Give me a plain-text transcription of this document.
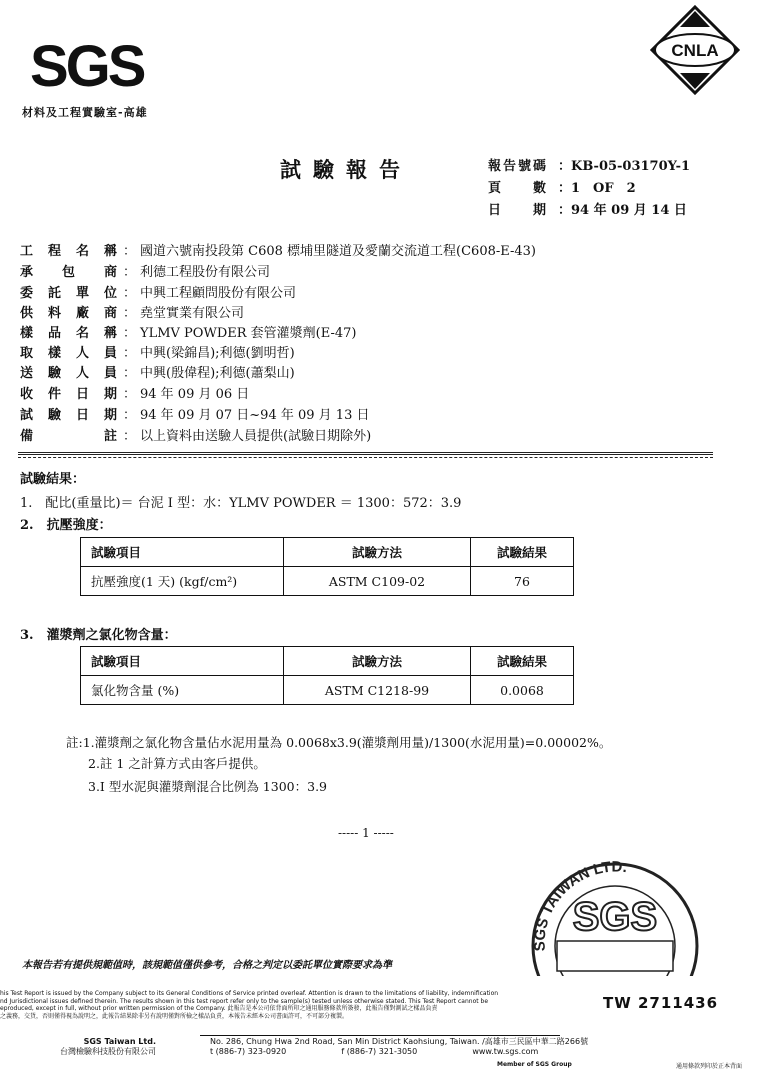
SGS
材料及工程實驗室-高雄
CNLA
試驗報告	報告號碼 ：KB-05-03170Y-1
頁　　數 ：1　OF　2
日　　期 ：94 年 09 月 14 日
工程名稱 ： 國道六號南投段第 C608 標埔里隧道及愛蘭交流道工程(C608-E-43)
承包商 ： 利德工程股份有限公司
委託單位 ： 中興工程顧問股份有限公司
供料廠商 ： 堯堂實業有限公司
樣品名稱 ： YLMV POWDER 套管灌漿劑(E-47)
取樣人員 ： 中興(梁錦昌);利德(劉明哲)
送驗人員 ： 中興(殷偉程);利德(蕭梨山)
收件日期 ： 94 年 09 月 06 日
試驗日期 ： 94 年 09 月 07 日~94 年 09 月 13 日
備註 ： 以上資料由送驗人員提供(試驗日期除外)
試驗結果：
1.　配比(重量比)＝ 台泥 I 型：水：YLMV POWDER ＝ 1300：572：3.9
2.　抗壓強度：
試驗項目	試驗方法	試驗結果
抗壓強度(1 天) (kgf/cm²)	ASTM C109-02	76
3.　灌漿劑之氯化物含量：
試驗項目	試驗方法	試驗結果
氯化物含量 (%)	ASTM C1218-99	0.0068
註:1.灌漿劑之氯化物含量佔水泥用量為 0.0068x3.9(灌漿劑用量)/1300(水泥用量)=0.00002%。
2.註 1 之計算方式由客戶提供。
3.I 型水泥與灌漿劑混合比例為 1300：3.9
----- 1 -----
SGS TAIWAN LTD.
SGS
本報告若有提供規範值時，該規範值僅供參考，合格之判定以委託單位實際要求為準
his Test Report is issued by the Company subject to its General Conditions of Service printed overleaf. Attention is drawn to the limitations of liability, indemnification
nd Jurisdictional issues defined therein. The results shown in this test report refer only to the sample(s) tested unless otherwise stated. This Test Report cannot be
eproduced, except in full, without prior written permission of the Company. 此報告是本公司依背面所印之通用服務條款所簽發，此報告僅對測試之樣品負責
之義務，交貨，否則僅得視為說明之，此報告結果除非另有說明僅對所檢之樣品負責，本報告未經本公司書面許可，不可部分複製。
TW 2711436
SGS Taiwan Ltd.
台灣檢驗科技股份有限公司
No. 286, Chung Hwa 2nd Road, San Min District Kaohsiung, Taiwan. /高雄市三民區中華二路266號
t (886-7) 323-0920	f (886-7) 321-3050	www.tw.sgs.com
Member of SGS Group	通用條款列印於正本背面
